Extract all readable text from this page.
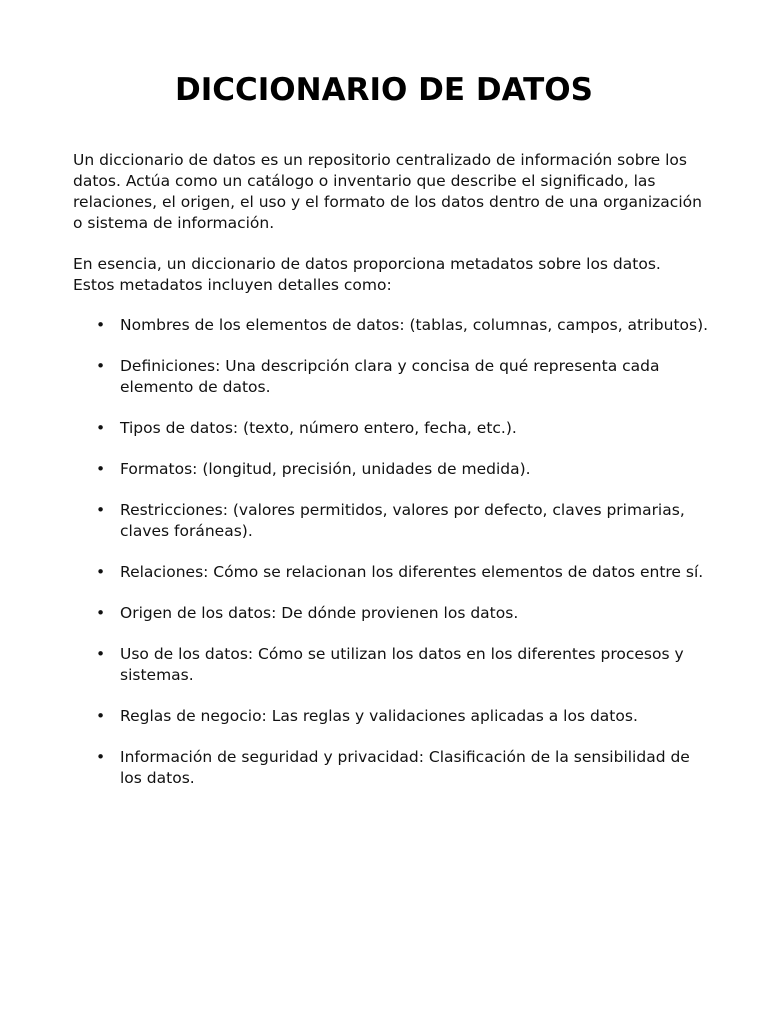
DICCIONARIO DE DATOS

Un diccionario de datos es un repositorio centralizado de información sobre los datos. Actúa como un catálogo o inventario que describe el significado, las relaciones, el origen, el uso y el formato de los datos dentro de una organización o sistema de información.

En esencia, un diccionario de datos proporciona metadatos sobre los datos. Estos metadatos incluyen detalles como:

• Nombres de los elementos de datos: (tablas, columnas, campos, atributos).
• Definiciones: Una descripción clara y concisa de qué representa cada elemento de datos.
• Tipos de datos: (texto, número entero, fecha, etc.).
• Formatos: (longitud, precisión, unidades de medida).
• Restricciones: (valores permitidos, valores por defecto, claves primarias, claves foráneas).
• Relaciones: Cómo se relacionan los diferentes elementos de datos entre sí.
• Origen de los datos: De dónde provienen los datos.
• Uso de los datos: Cómo se utilizan los datos en los diferentes procesos y sistemas.
• Reglas de negocio: Las reglas y validaciones aplicadas a los datos.
• Información de seguridad y privacidad: Clasificación de la sensibilidad de los datos.
